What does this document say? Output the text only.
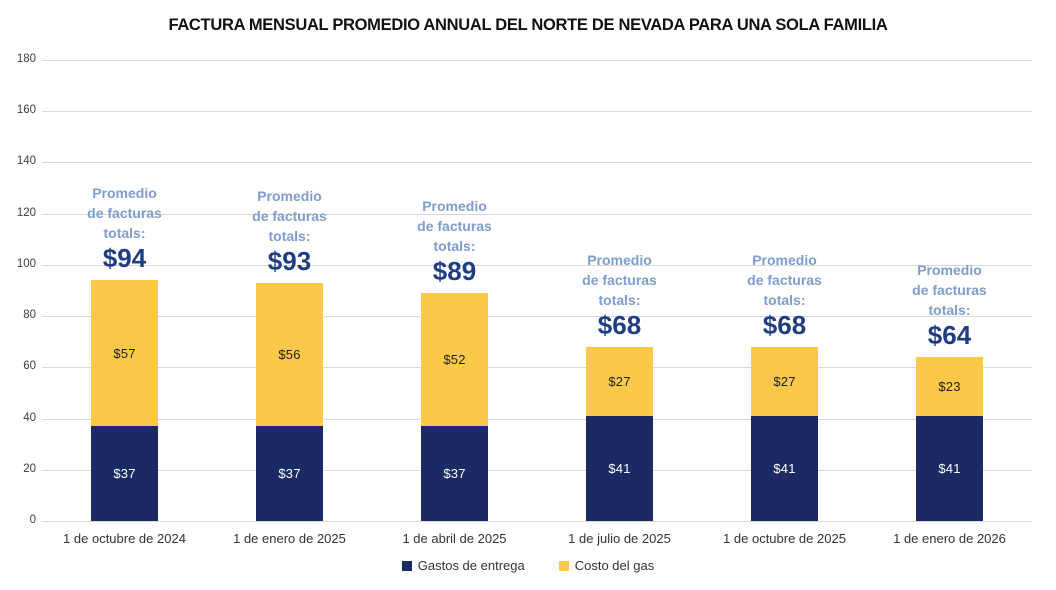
FACTURA MENSUAL PROMEDIO ANNUAL DEL NORTE DE NEVADA PARA UNA SOLA FAMILIA
0
20
40
60
80
100
120
140
160
180
$37
$57
Promedio
de facturas
totals:
$94
1 de octubre de 2024
$37
$56
Promedio
de facturas
totals:
$93
1 de enero de 2025
$37
$52
Promedio
de facturas
totals:
$89
1 de abril de 2025
$41
$27
Promedio
de facturas
totals:
$68
1 de julio de 2025
$41
$27
Promedio
de facturas
totals:
$68
1 de octubre de 2025
$41
$23
Promedio
de facturas
totals:
$64
1 de enero de 2026
Gastos de entrega	Costo del gas
